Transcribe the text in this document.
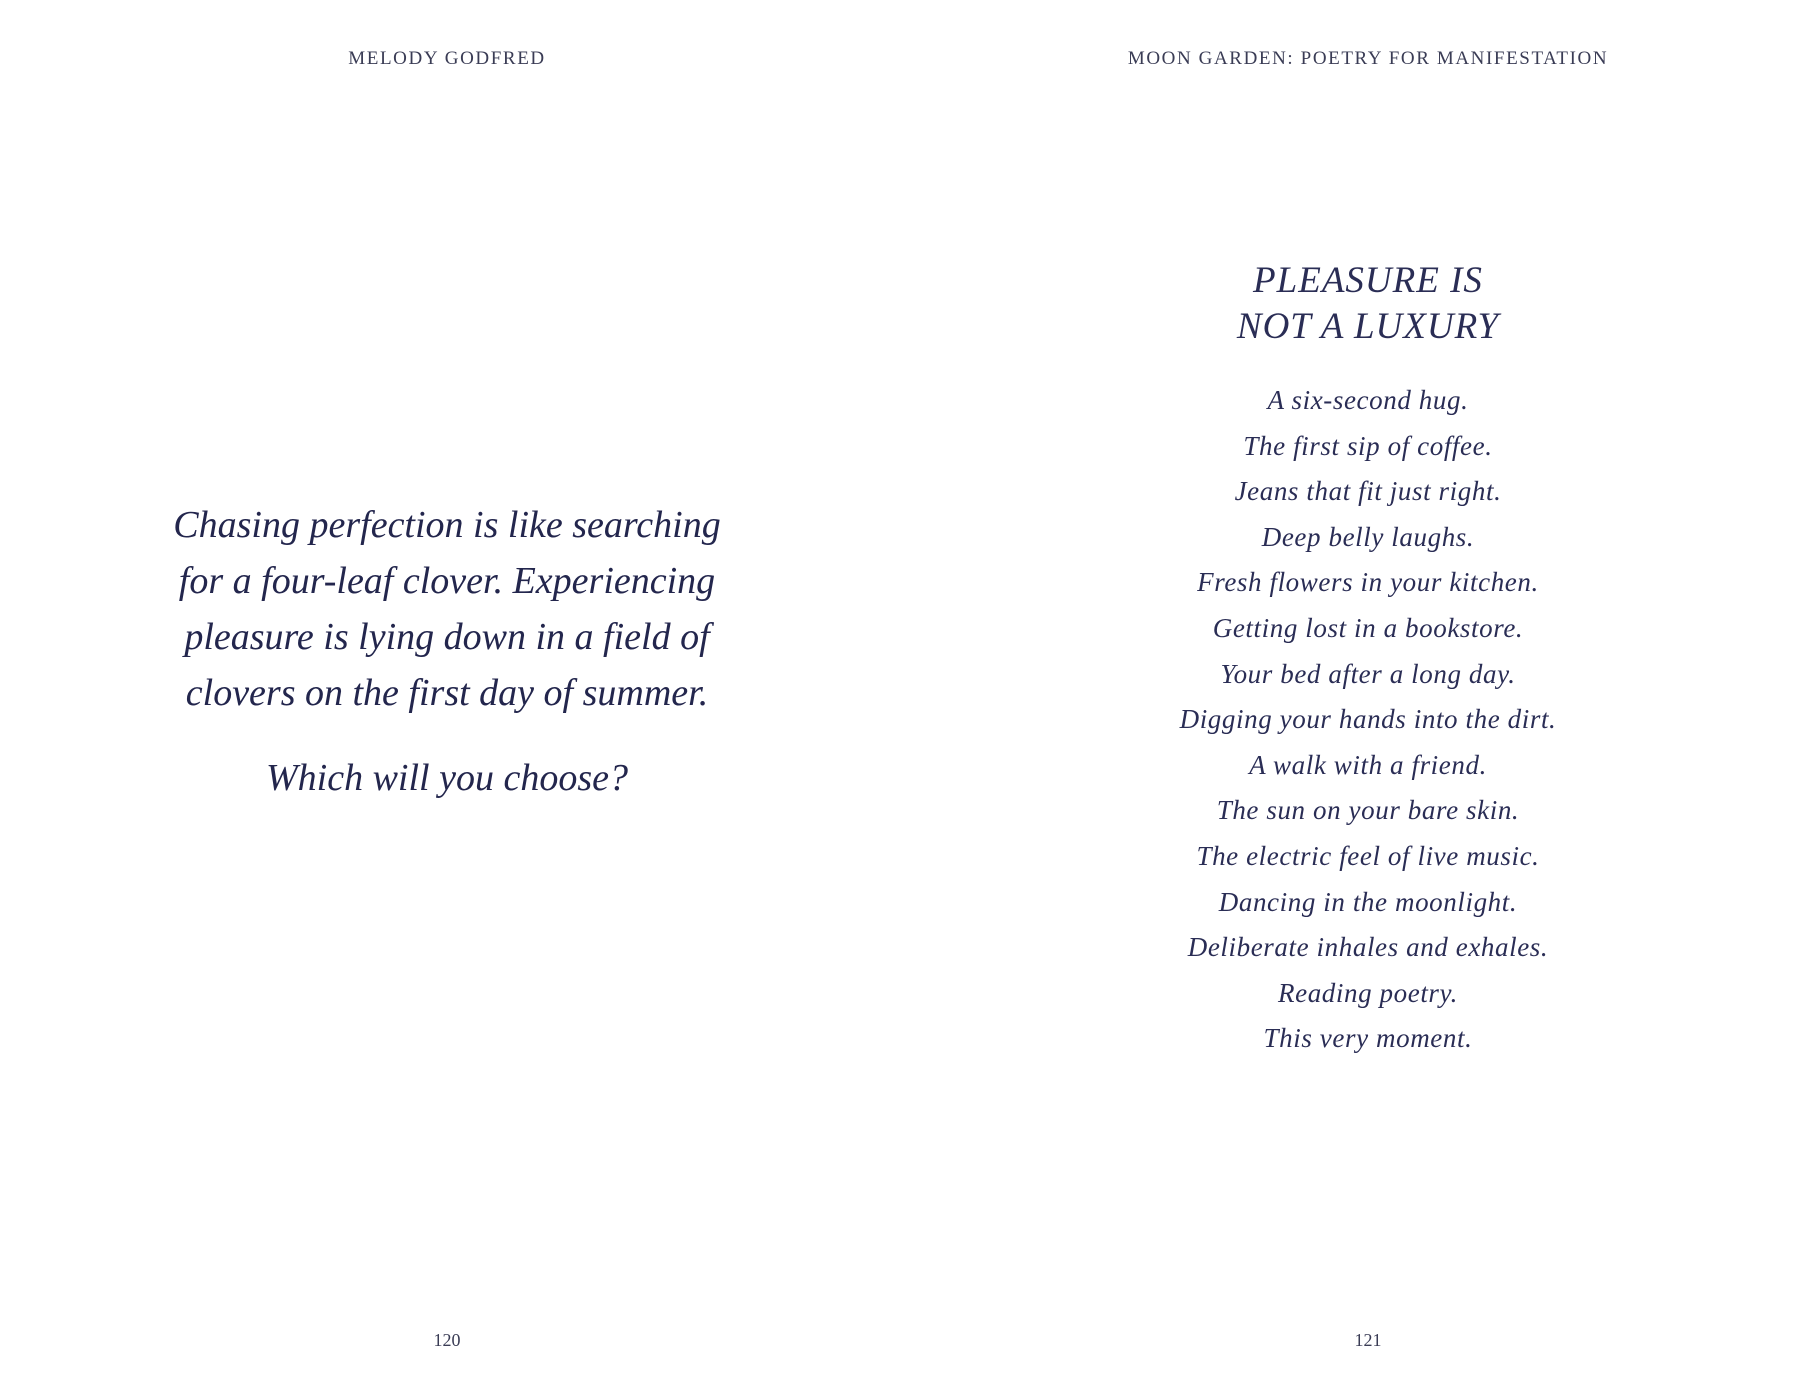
MELODY GODFRED
Chasing perfection is like searching
for a four-leaf clover. Experiencing
pleasure is lying down in a field of
clovers on the first day of summer.
Which will you choose?
120
MOON GARDEN: POETRY FOR MANIFESTATION
PLEASURE IS
NOT A LUXURY
A six-second hug.
The first sip of coffee.
Jeans that fit just right.
Deep belly laughs.
Fresh flowers in your kitchen.
Getting lost in a bookstore.
Your bed after a long day.
Digging your hands into the dirt.
A walk with a friend.
The sun on your bare skin.
The electric feel of live music.
Dancing in the moonlight.
Deliberate inhales and exhales.
Reading poetry.
This very moment.
121
